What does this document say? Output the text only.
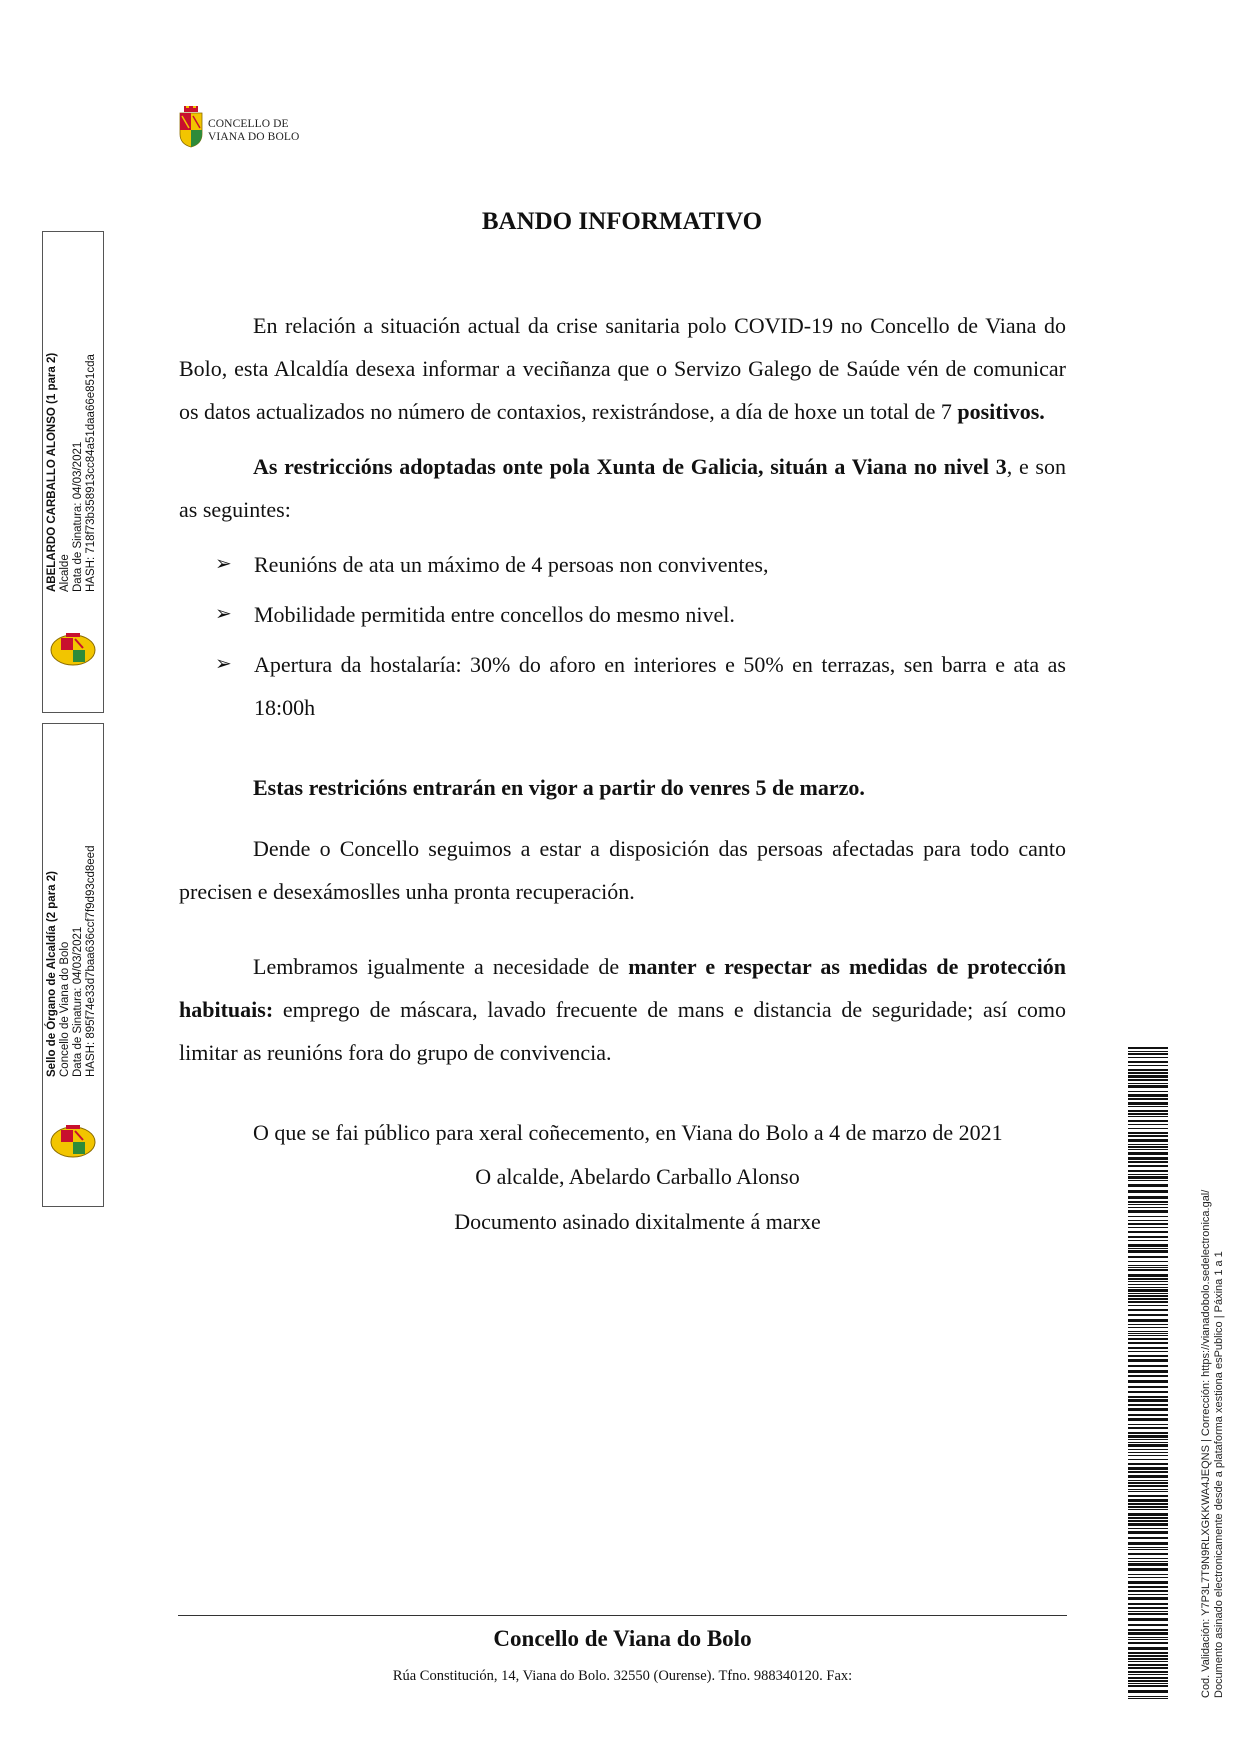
CONCELLO DE
VIANA DO BOLO
BANDO INFORMATIVO

En relación a situación actual da crise sanitaria polo COVID-19 no Concello de Viana do Bolo, esta Alcaldía desexa informar a veciñanza que o Servizo Galego de Saúde vén de comunicar os datos actualizados no número de contaxios, rexistrándose, a día de hoxe un total de 7 positivos.

As restriccións adoptadas onte pola Xunta de Galicia, situán a Viana no nivel 3, e son as seguintes:

➢	Reunións de ata un máximo de 4 persoas non conviventes,
➢	Mobilidade permitida entre concellos do mesmo nivel.
➢	Apertura da hostalaría: 30% do aforo en interiores e 50% en terrazas, sen barra e ata as 18:00h

Estas restricións entrarán en vigor a partir do venres 5 de marzo.

Dende o Concello seguimos a estar a disposición das persoas afectadas para todo canto precisen e desexámoslles unha pronta recuperación.

Lembramos igualmente a necesidade de manter e respectar as medidas de protección habituais: emprego de máscara, lavado frecuente de mans e distancia de seguridade; así como limitar as reunións fora do grupo de convivencia.

O que se fai público para xeral coñecemento, en Viana do Bolo a 4 de marzo de 2021

O alcalde, Abelardo Carballo Alonso
Documento asinado dixitalmente á marxe
Concello de Viana do Bolo
Rúa Constitución, 14, Viana do Bolo. 32550 (Ourense). Tfno. 988340120. Fax:
ABELARDO CARBALLO ALONSO (1 para 2) Alcalde Data de Sinatura: 04/03/2021 HASH: 718f73b358913cc84a51daa66e851cda
Sello de Órgano de Alcaldía (2 para 2) Concello de Viana do Bolo Data de Sinatura: 04/03/2021 HASH: 895f74e33d7baa636ccf7f9d93cd8eed
Cod. Validación: Y7P3L7T9N9RLXGKKWA4JEQNS | Corrección: https://vianadobolo.sedelectronica.gal/ Documento asinado electronicamente desde a plataforma xestiona esPublico | Páxina 1 a 1
